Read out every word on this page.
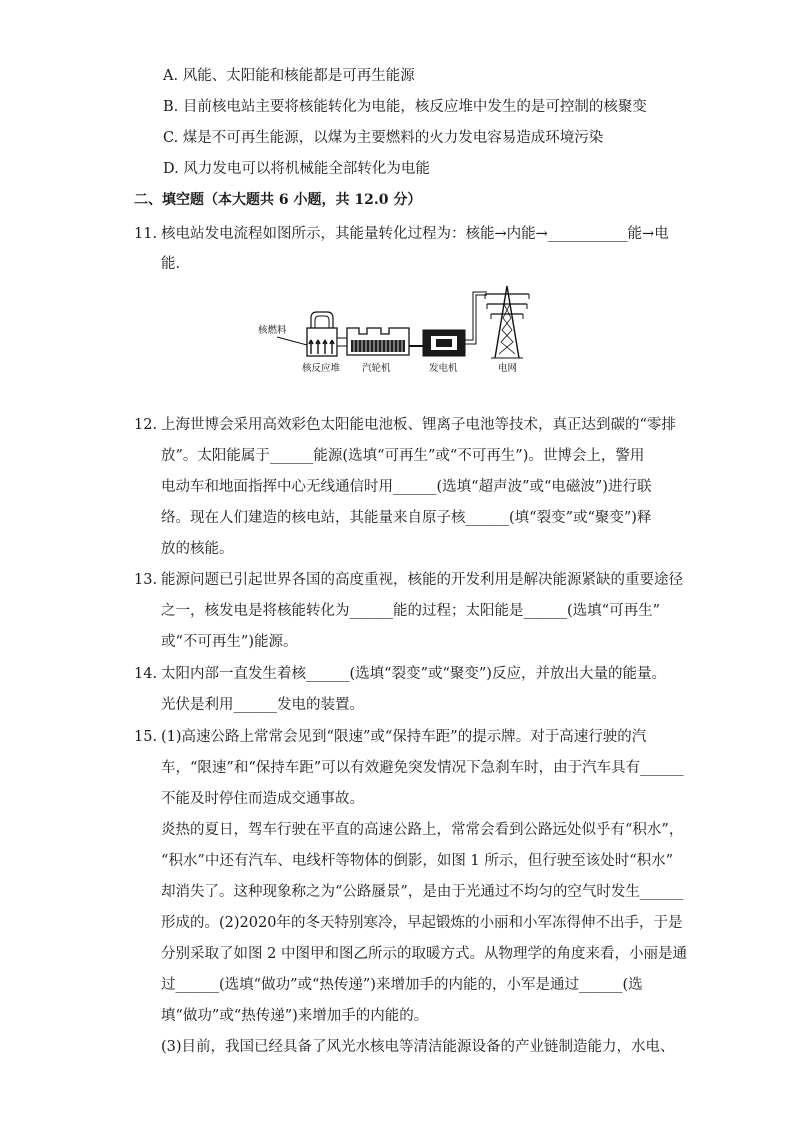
A. 风能、太阳能和核能都是可再生能源
B. 目前核电站主要将核能转化为电能，核反应堆中发生的是可控制的核聚变
C. 煤是不可再生能源，以煤为主要燃料的火力发电容易造成环境污染
D. 风力发电可以将机械能全部转化为电能
二、填空题（本大题共 6 小题，共 12.0 分）
11. 核电站发电流程如图所示，其能量转化过程为：核能→内能→___________能→电
能．
核燃料
核反应堆 汽轮机	发电机	电网
12. 上海世博会采用高效彩色太阳能电池板、锂离子电池等技术，真正达到碳的“零排
放”。太阳能属于______能源(选填“可再生”或“不可再生”)。世博会上，警用
电动车和地面指挥中心无线通信时用______(选填“超声波”或“电磁波”)进行联
络。现在人们建造的核电站，其能量来自原子核______(填“裂变”或“聚变”)释
放的核能。
13. 能源问题已引起世界各国的高度重视，核能的开发利用是解决能源紧缺的重要途径
之一，核发电是将核能转化为______能的过程；太阳能是______(选填“可再生”
或“不可再生”)能源。
14. 太阳内部一直发生着核______(选填“裂变”或“聚变”)反应，并放出大量的能量。
光伏是利用______发电的装置。
15. (1)高速公路上常常会见到“限速”或“保持车距”的提示牌。对于高速行驶的汽
车，“限速”和“保持车距”可以有效避免突发情况下急刹车时，由于汽车具有______
不能及时停住而造成交通事故。
炎热的夏日，驾车行驶在平直的高速公路上，常常会看到公路远处似乎有“积水”，
“积水”中还有汽车、电线杆等物体的倒影，如图 1 所示，但行驶至该处时“积水”
却消失了。这种现象称之为“公路蜃景”，是由于光通过不均匀的空气时发生______
形成的。(2)2020年的冬天特别寒冷，早起锻炼的小丽和小军冻得伸不出手，于是
分别采取了如图 2 中图甲和图乙所示的取暖方式。从物理学的角度来看，小丽是通
过______(选填“做功”或“热传递”)来增加手的内能的，小军是通过______(选
填“做功”或“热传递”)来增加手的内能的。
(3)目前，我国已经具备了风光水核电等清洁能源设备的产业链制造能力，水电、
